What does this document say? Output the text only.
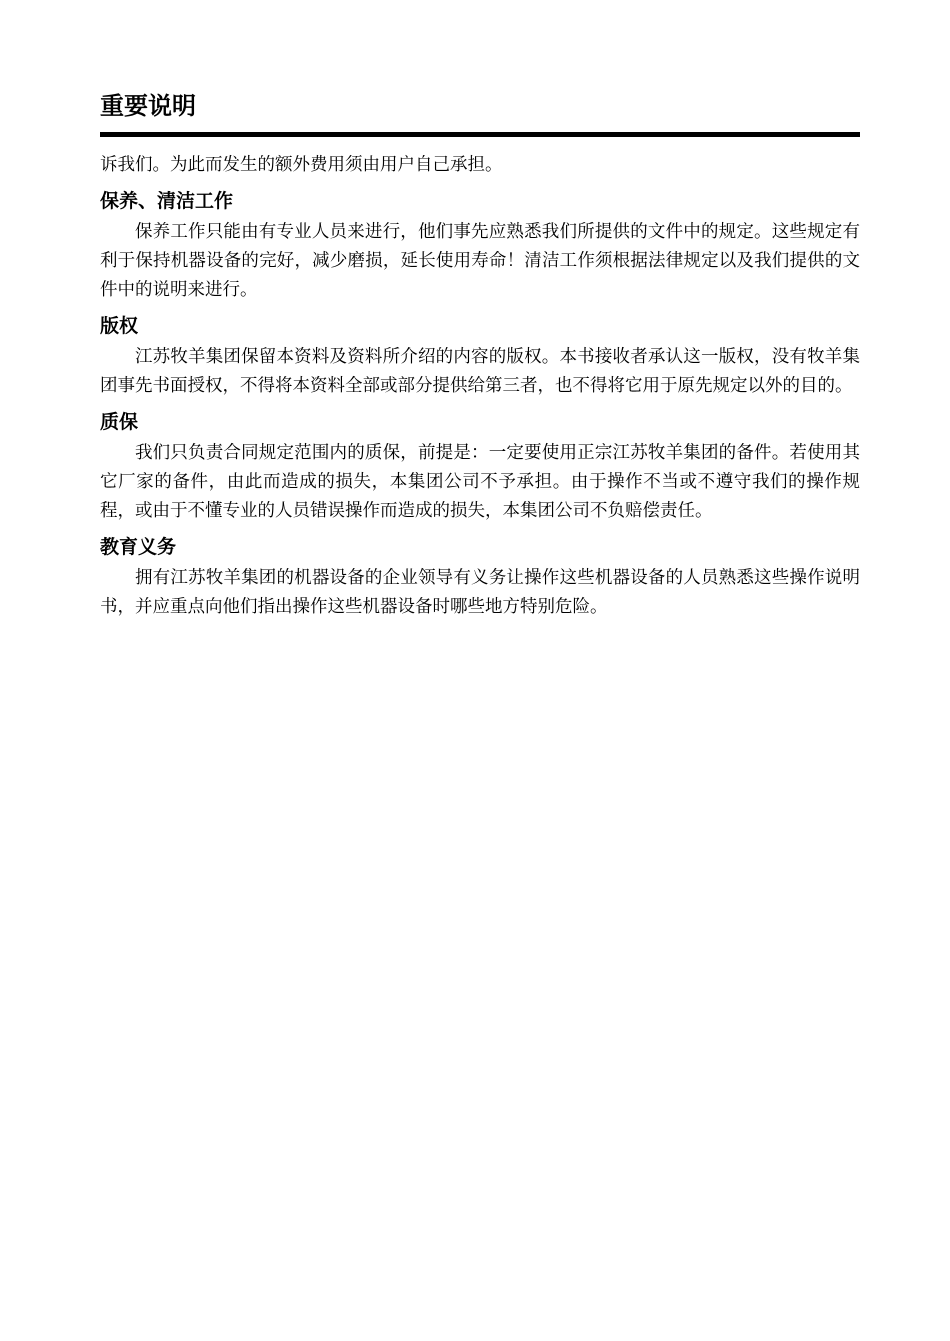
重要说明

诉我们。为此而发生的额外费用须由用户自己承担。

保养、清洁工作

保养工作只能由有专业人员来进行，他们事先应熟悉我们所提供的文件中的规定。这些规定有利于保持机器设备的完好，减少磨损，延长使用寿命！清洁工作须根据法律规定以及我们提供的文件中的说明来进行。

版权

江苏牧羊集团保留本资料及资料所介绍的内容的版权。本书接收者承认这一版权，没有牧羊集团事先书面授权，不得将本资料全部或部分提供给第三者，也不得将它用于原先规定以外的目的。

质保

我们只负责合同规定范围内的质保，前提是：一定要使用正宗江苏牧羊集团的备件。若使用其它厂家的备件，由此而造成的损失，本集团公司不予承担。由于操作不当或不遵守我们的操作规程，或由于不懂专业的人员错误操作而造成的损失，本集团公司不负赔偿责任。

教育义务

拥有江苏牧羊集团的机器设备的企业领导有义务让操作这些机器设备的人员熟悉这些操作说明书，并应重点向他们指出操作这些机器设备时哪些地方特别危险。
